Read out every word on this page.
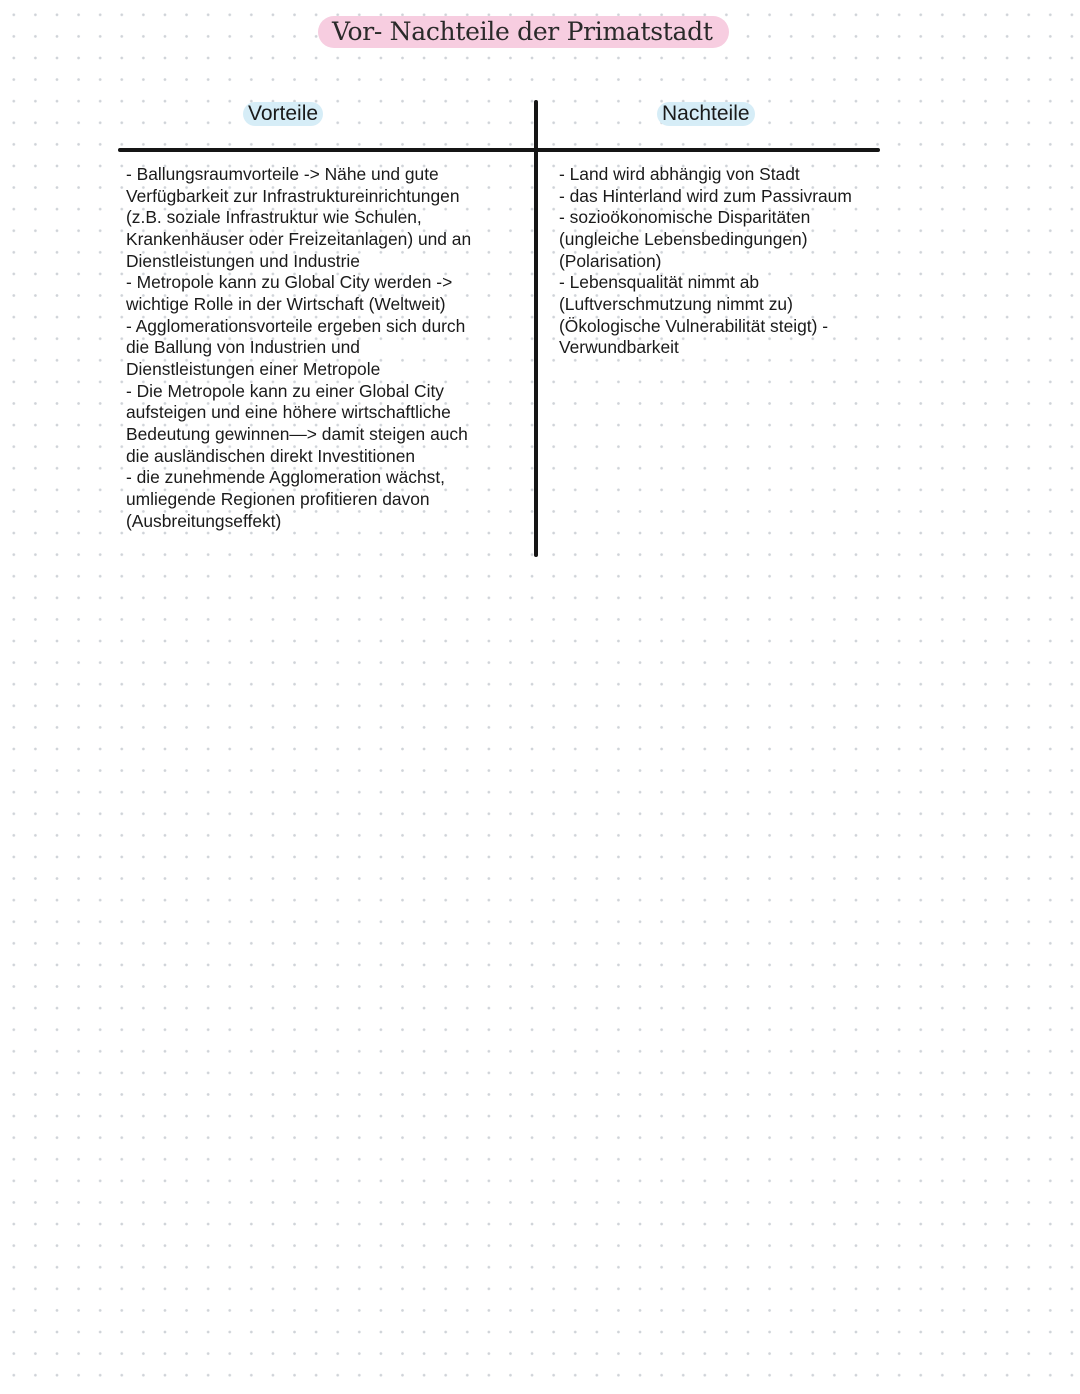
Vor- Nachteile der Primatstadt
Vorteile	Nachteile
- Ballungsraumvorteile -> Nähe und gute
Verfügbarkeit zur Infrastruktureinrichtungen
(z.B. soziale Infrastruktur wie Schulen,
Krankenhäuser oder Freizeitanlagen) und an
Dienstleistungen und Industrie
- Metropole kann zu Global City werden ->
wichtige Rolle in der Wirtschaft (Weltweit)
- Agglomerationsvorteile ergeben sich durch
die Ballung von Industrien und
Dienstleistungen einer Metropole
- Die Metropole kann zu einer Global City
aufsteigen und eine höhere wirtschaftliche
Bedeutung gewinnen—> damit steigen auch
die ausländischen direkt Investitionen
- die zunehmende Agglomeration wächst,
umliegende Regionen profitieren davon
(Ausbreitungseffekt)
- Land wird abhängig von Stadt
- das Hinterland wird zum Passivraum
- sozioökonomische Disparitäten
(ungleiche Lebensbedingungen)
(Polarisation)
- Lebensqualität nimmt ab
(Luftverschmutzung nimmt zu)
(Ökologische Vulnerabilität steigt) -
Verwundbarkeit
